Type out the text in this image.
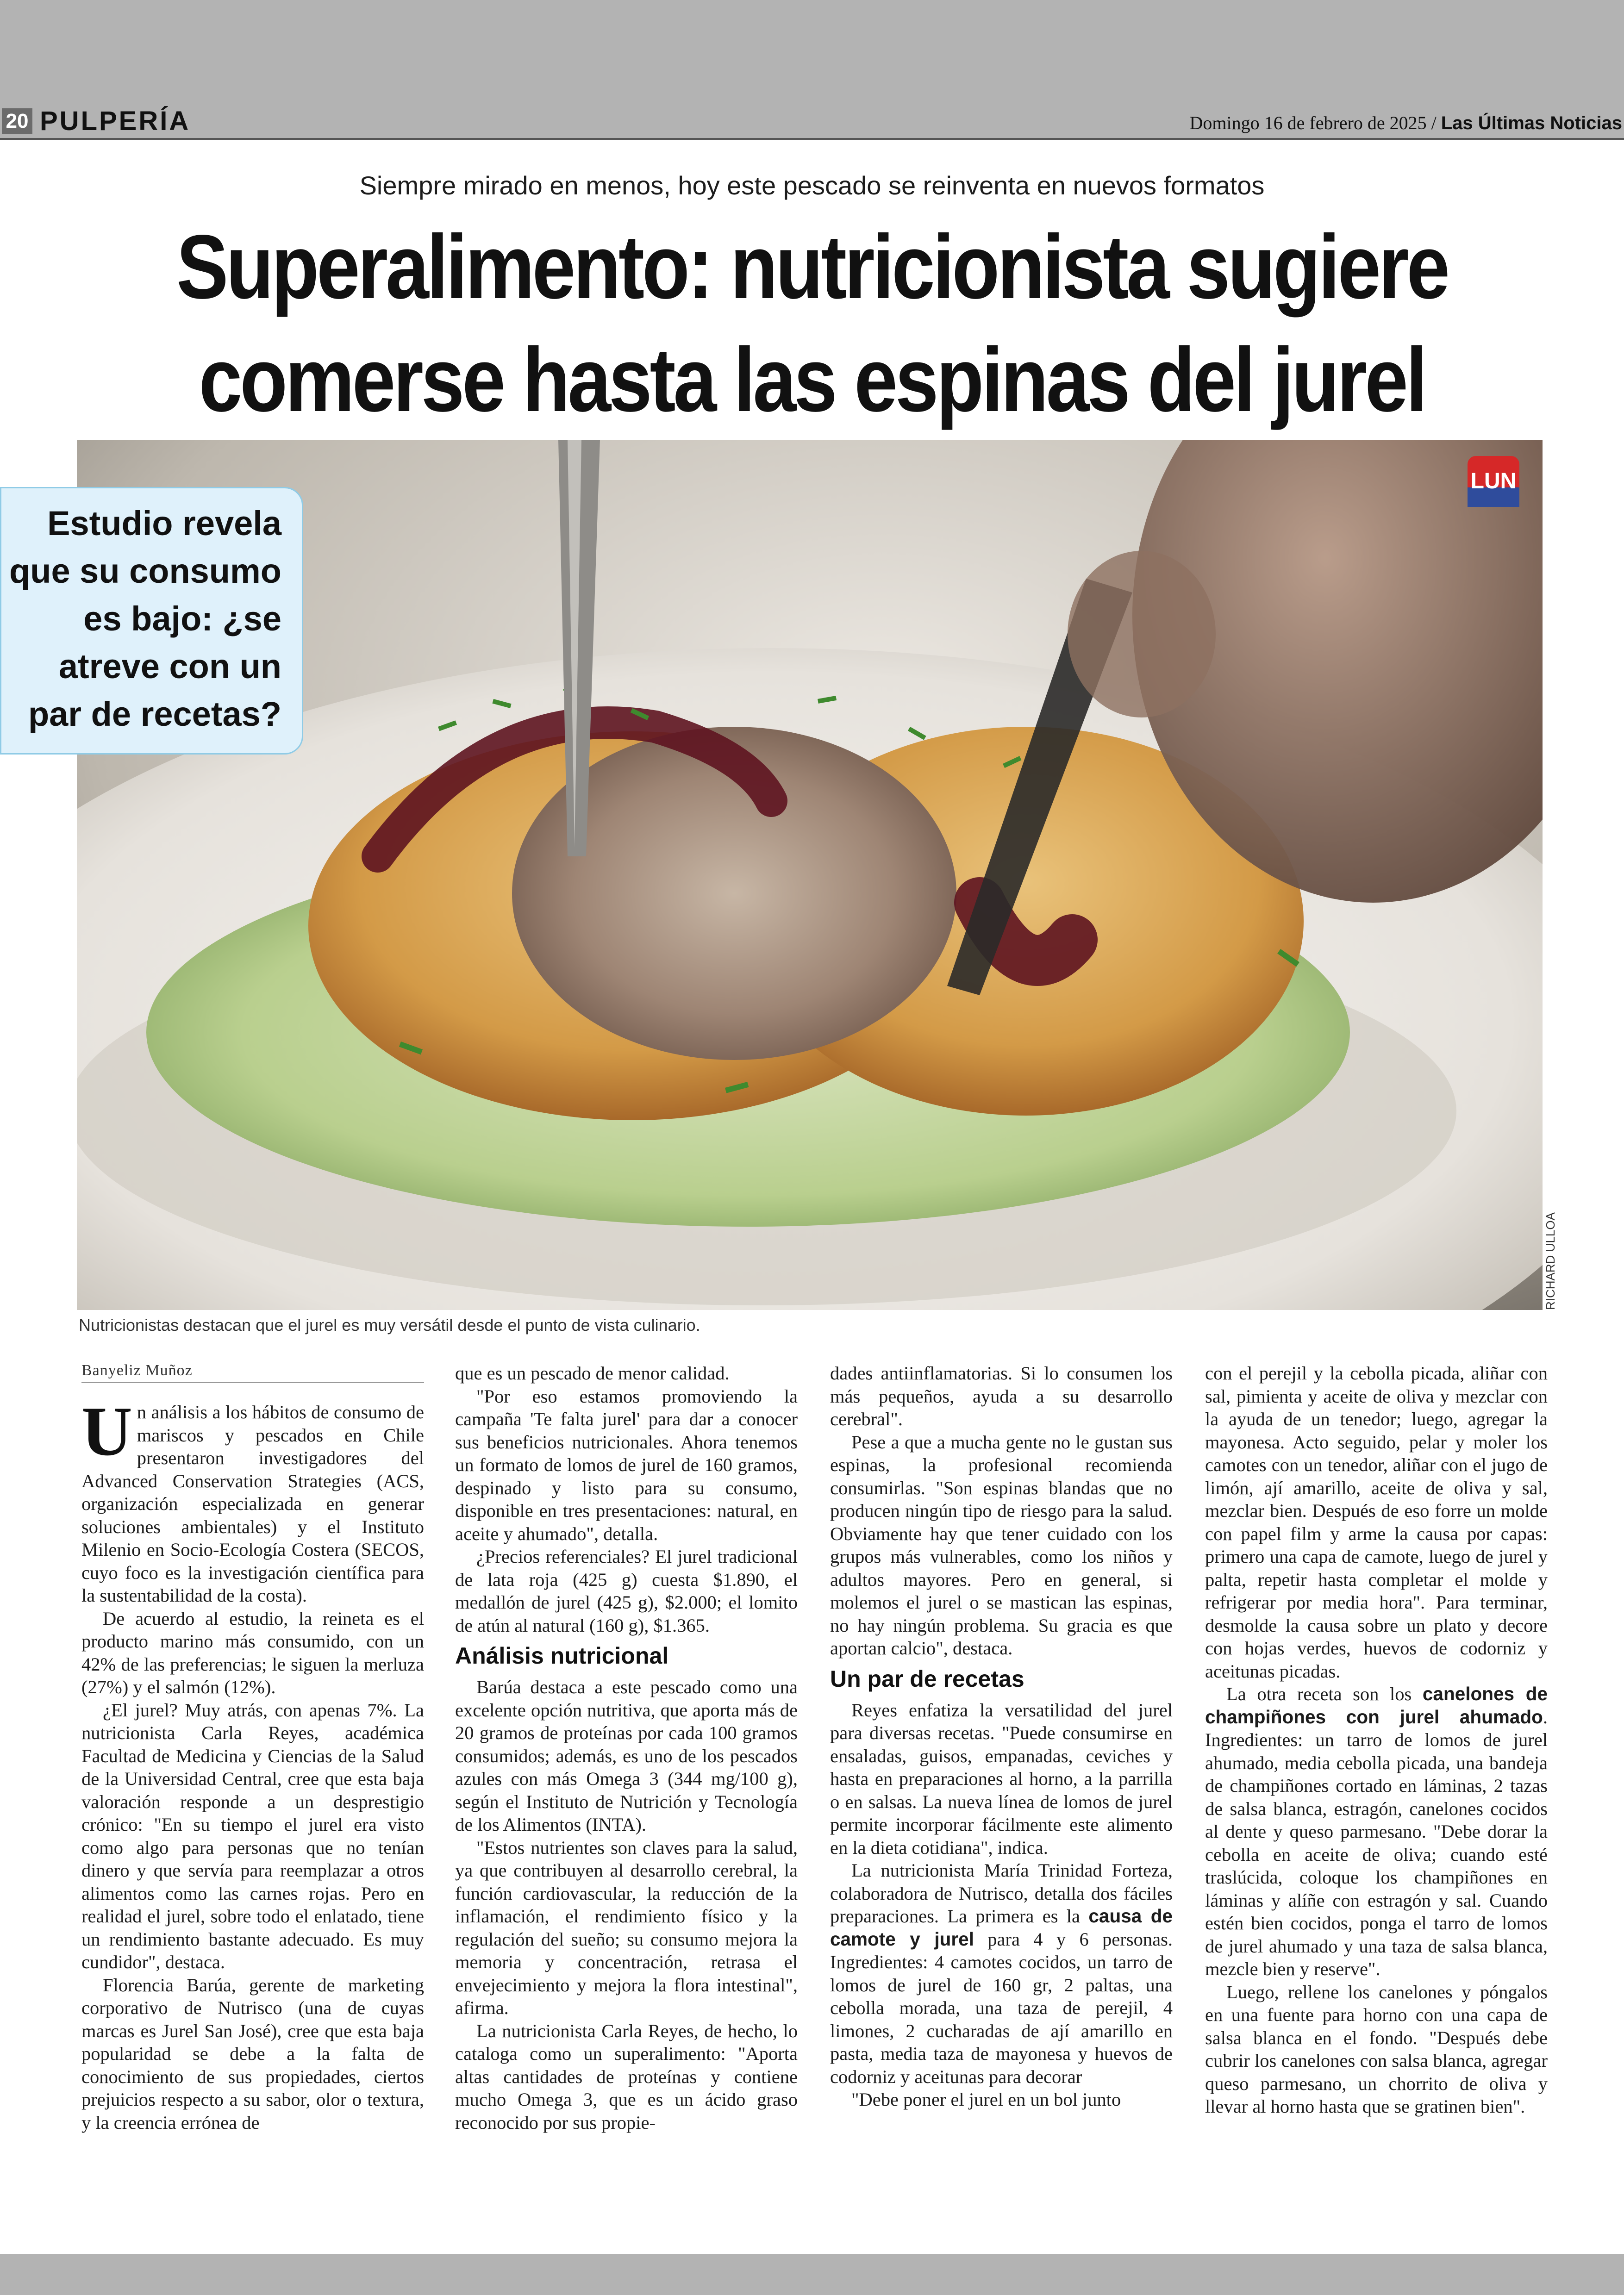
20 PULPERÍA	Domingo 16 de febrero de 2025 / Las Últimas Noticias
Siempre mirado en menos, hoy este pescado se reinventa en nuevos formatos
Superalimento: nutricionista sugiere
comerse hasta las espinas del jurel
LUN
RICHARD ULLOA

Estudio revela
que su consumo
es bajo: ¿se
atreve con un
par de recetas?

Nutricionistas destacan que el jurel es muy versátil desde el punto de vista culinario.
Banyeliz Muñoz

Un análisis a los hábitos de consumo de mariscos y pescados en Chile presentaron investigadores del Advanced Conservation Strategies (ACS, organización especializada en generar soluciones ambientales) y el Instituto Milenio en Socio-Ecología Costera (SECOS, cuyo foco es la investigación científica para la sustentabilidad de la costa).

De acuerdo al estudio, la reineta es el producto marino más consumido, con un 42% de las preferencias; le siguen la merluza (27%) y el salmón (12%).

¿El jurel? Muy atrás, con apenas 7%. La nutricionista Carla Reyes, académica Facultad de Medicina y Ciencias de la Salud de la Universidad Central, cree que esta baja valoración responde a un desprestigio crónico: "En su tiempo el jurel era visto como algo para personas que no tenían dinero y que servía para reemplazar a otros alimentos como las carnes rojas. Pero en realidad el jurel, sobre todo el enlatado, tiene un rendimiento bastante adecuado. Es muy cundidor", destaca.

Florencia Barúa, gerente de marketing corporativo de Nutrisco (una de cuyas marcas es Jurel San José), cree que esta baja popularidad se debe a la falta de conocimiento de sus propiedades, ciertos prejuicios respecto a su sabor, olor o textura, y la creencia errónea de

que es un pescado de menor calidad.

"Por eso estamos promoviendo la campaña 'Te falta jurel' para dar a conocer sus beneficios nutricionales. Ahora tenemos un formato de lomos de jurel de 160 gramos, despinado y listo para su consumo, disponible en tres presentaciones: natural, en aceite y ahumado", detalla.

¿Precios referenciales? El jurel tradicional de lata roja (425 g) cuesta $1.890, el medallón de jurel (425 g), $2.000; el lomito de atún al natural (160 g), $1.365.

Análisis nutricional

Barúa destaca a este pescado como una excelente opción nutritiva, que aporta más de 20 gramos de proteínas por cada 100 gramos consumidos; además, es uno de los pescados azules con más Omega 3 (344 mg/100 g), según el Instituto de Nutrición y Tecnología de los Alimentos (INTA).

"Estos nutrientes son claves para la salud, ya que contribuyen al desarrollo cerebral, la función cardiovascular, la reducción de la inflamación, el rendimiento físico y la regulación del sueño; su consumo mejora la memoria y concentración, retrasa el envejecimiento y mejora la flora intestinal", afirma.

La nutricionista Carla Reyes, de hecho, lo cataloga como un superalimento: "Aporta altas cantidades de proteínas y contiene mucho Omega 3, que es un ácido graso reconocido por sus propie-

dades antiinflamatorias. Si lo consumen los más pequeños, ayuda a su desarrollo cerebral".

Pese a que a mucha gente no le gustan sus espinas, la profesional recomienda consumirlas. "Son espinas blandas que no producen ningún tipo de riesgo para la salud. Obviamente hay que tener cuidado con los grupos más vulnerables, como los niños y adultos mayores. Pero en general, si molemos el jurel o se mastican las espinas, no hay ningún problema. Su gracia es que aportan calcio", destaca.

Un par de recetas

Reyes enfatiza la versatilidad del jurel para diversas recetas. "Puede consumirse en ensaladas, guisos, empanadas, ceviches y hasta en preparaciones al horno, a la parrilla o en salsas. La nueva línea de lomos de jurel permite incorporar fácilmente este alimento en la dieta cotidiana", indica.

La nutricionista María Trinidad Forteza, colaboradora de Nutrisco, detalla dos fáciles preparaciones. La primera es la causa de camote y jurel para 4 y 6 personas. Ingredientes: 4 camotes cocidos, un tarro de lomos de jurel de 160 gr, 2 paltas, una cebolla morada, una taza de perejil, 4 limones, 2 cucharadas de ají amarillo en pasta, media taza de mayonesa y huevos de codorniz y aceitunas para decorar

"Debe poner el jurel en un bol junto

con el perejil y la cebolla picada, aliñar con sal, pimienta y aceite de oliva y mezclar con la ayuda de un tenedor; luego, agregar la mayonesa. Acto seguido, pelar y moler los camotes con un tenedor, aliñar con el jugo de limón, ají amarillo, aceite de oliva y sal, mezclar bien. Después de eso forre un molde con papel film y arme la causa por capas: primero una capa de camote, luego de jurel y palta, repetir hasta completar el molde y refrigerar por media hora". Para terminar, desmolde la causa sobre un plato y decore con hojas verdes, huevos de codorniz y aceitunas picadas.

La otra receta son los canelones de champiñones con jurel ahumado. Ingredientes: un tarro de lomos de jurel ahumado, media cebolla picada, una bandeja de champiñones cortado en láminas, 2 tazas de salsa blanca, estragón, canelones cocidos al dente y queso parmesano. "Debe dorar la cebolla en aceite de oliva; cuando esté traslúcida, coloque los champiñones en láminas y alíñe con estragón y sal. Cuando estén bien cocidos, ponga el tarro de lomos de jurel ahumado y una taza de salsa blanca, mezcle bien y reserve".

Luego, rellene los canelones y póngalos en una fuente para horno con una capa de salsa blanca en el fondo. "Después debe cubrir los canelones con salsa blanca, agregar queso parmesano, un chorrito de oliva y llevar al horno hasta que se gratinen bien".
